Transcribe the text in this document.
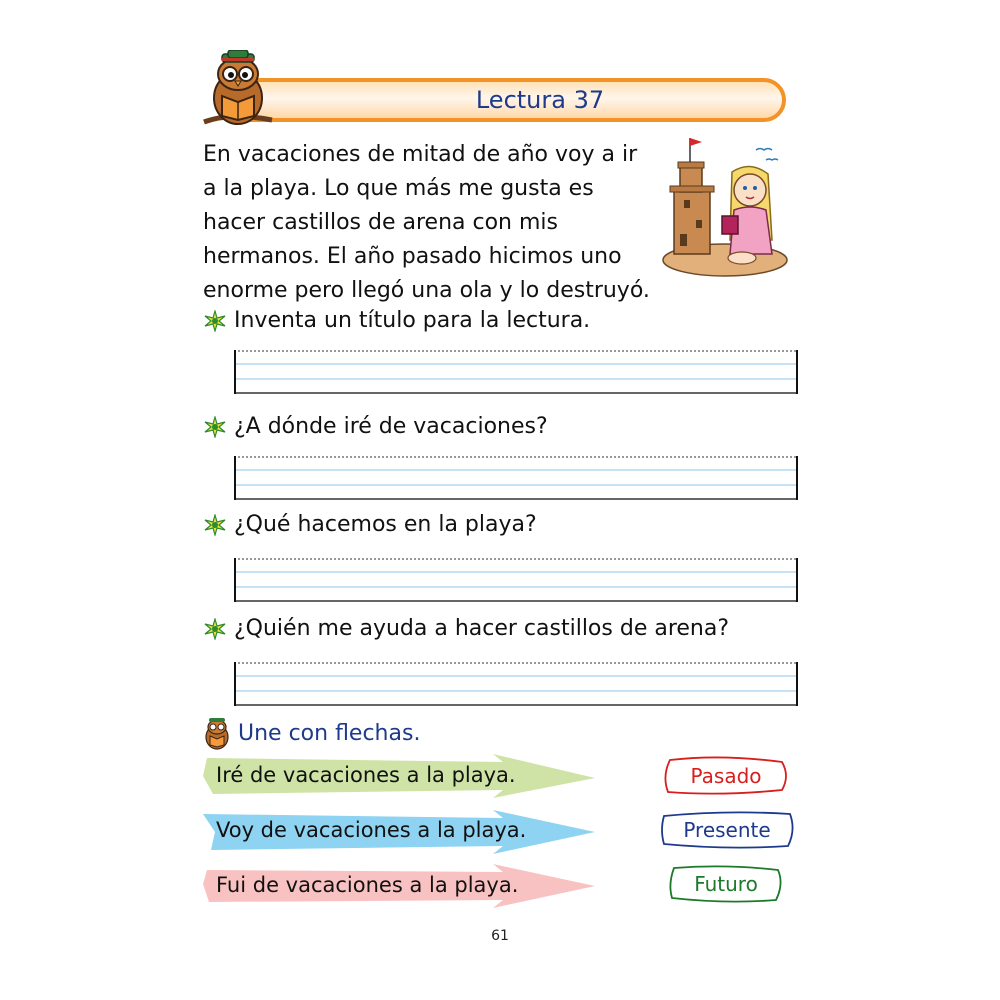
Lectura 37
En vacaciones de mitad de año voy a ir a la playa. Lo que más me gusta es hacer castillos de arena con mis hermanos. El año pasado hicimos uno enorme pero llegó una ola y lo destruyó.
Inventa un título para la lectura.
¿A dónde iré de vacaciones?
¿Qué hacemos en la playa?
¿Quién me ayuda a hacer castillos de arena?
Une con flechas.
Iré de vacaciones a la playa.
Voy de vacaciones a la playa.
Fui de vacaciones a la playa.
Pasado
Presente
Futuro
61
